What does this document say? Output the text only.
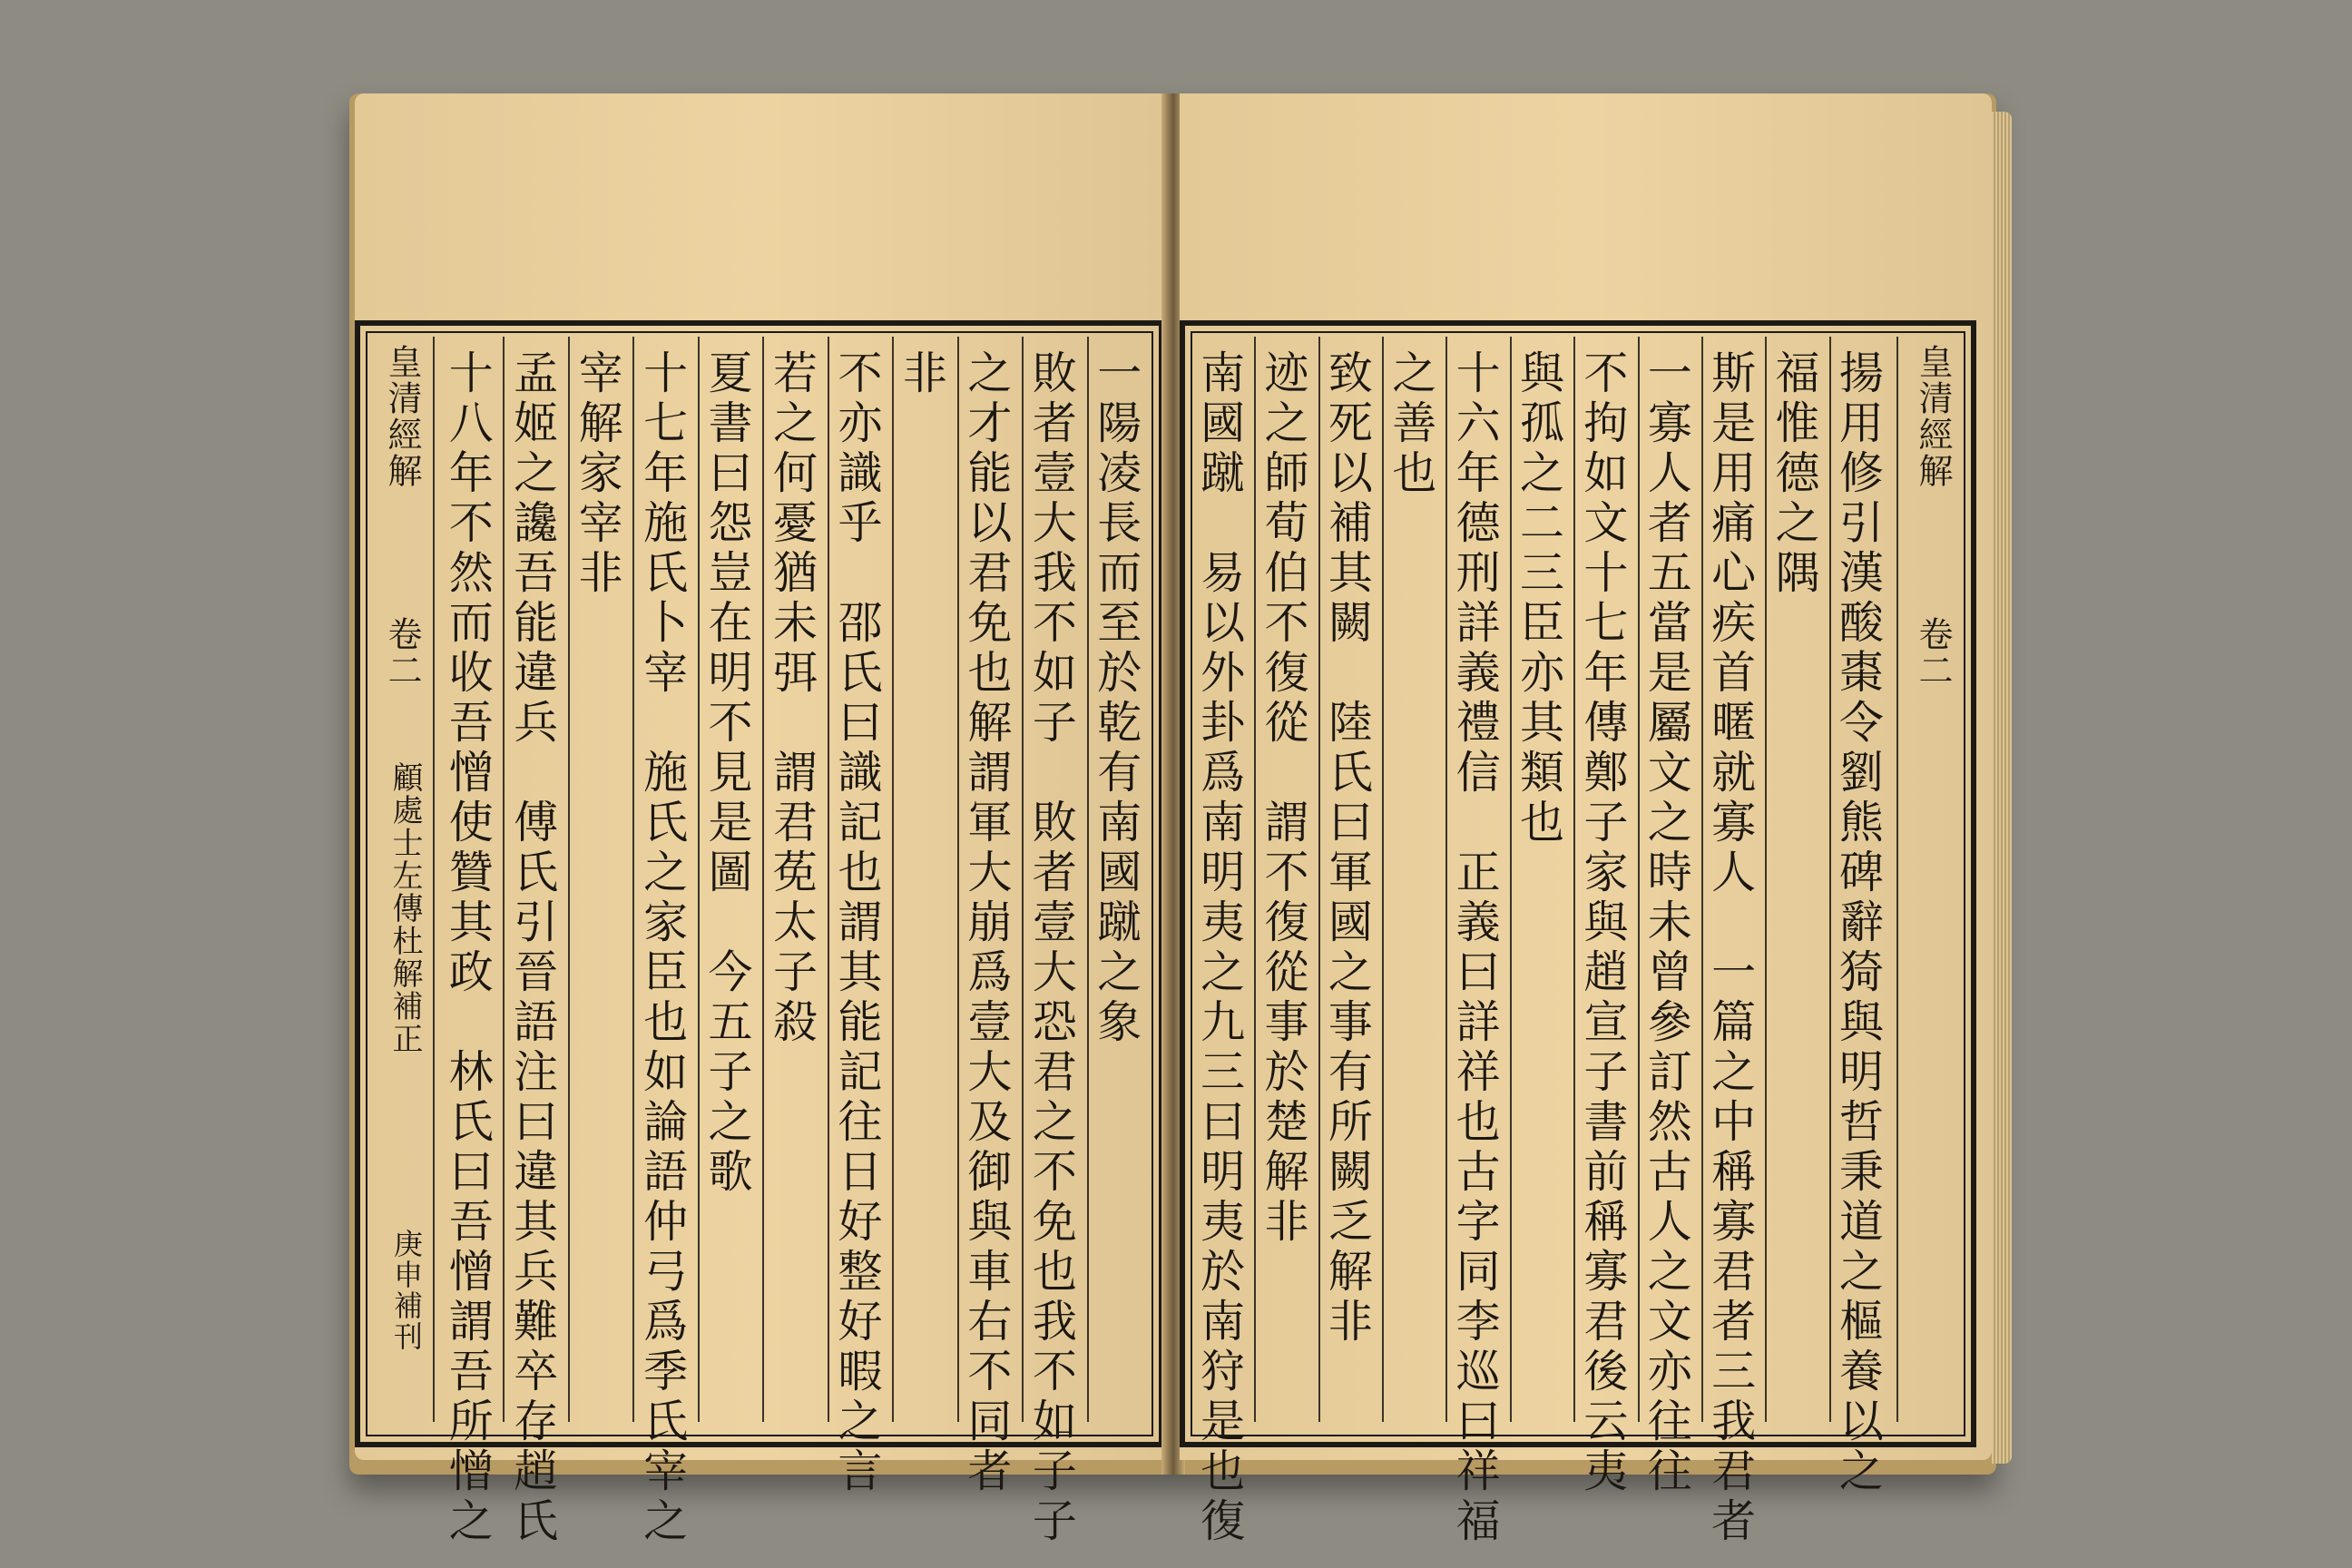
皇清經解
卷二
顧處士左傳杜解補正
庚申補刊
一陽凌長而至於乾有南國蹴之象
敗者壹大我不如子　敗者壹大恐君之不免也我不如子子
之才能以君免也解謂軍大崩爲壹大及御與車右不同者
非
不亦識乎　邵氏曰識記也謂其能記往日好整好暇之言
若之何憂猶未弭　謂君莬太子殺
夏書曰怨豈在明不見是圖　今五子之歌
十七年施氏卜宰　施氏之家臣也如論語仲弓爲季氏宰之
宰解家宰非
孟姬之讒吾能違兵　傅氏引晉語注曰違其兵難卒存趙氏
十八年不然而收吾憎使贊其政　林氏曰吾憎謂吾所憎之	揚用修引漢酸棗令劉熊碑辭猗與明哲秉道之樞養以之
福惟德之隅
斯是用痛心疾首暱就寡人　一篇之中稱寡君者三我君者
一寡人者五當是屬文之時未曾參訂然古人之文亦往往
不拘如文十七年傳鄭子家與趙宣子書前稱寡君後云夷
與孤之二三臣亦其類也
十六年德刑詳義禮信　正義曰詳祥也古字同李巡曰祥福
之善也
致死以補其闕　陸氏曰軍國之事有所闕乏解非
迹之師荀伯不復從　謂不復從事於楚解非
南國蹴　易以外卦爲南明夷之九三曰明夷於南狩是也復	皇清經解
卷二
